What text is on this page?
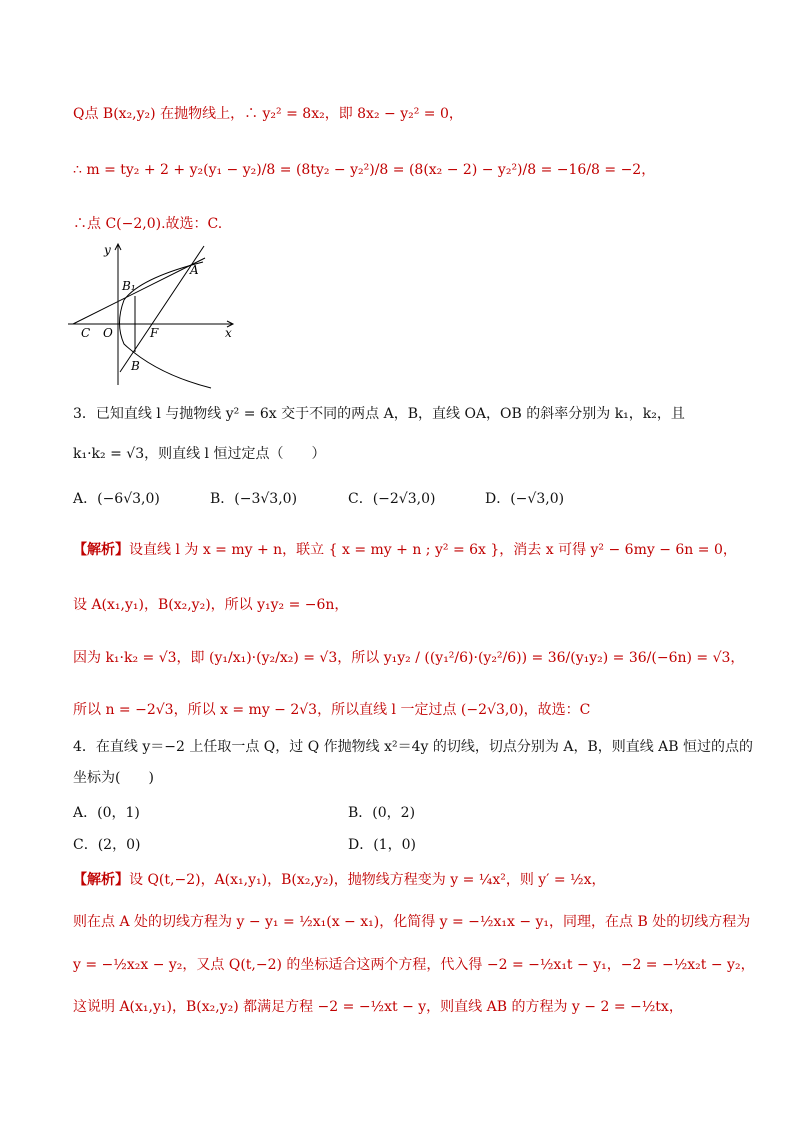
Q点 B(x₂,y₂) 在抛物线上，∴ y₂² = 8x₂，即 8x₂ − y₂² = 0，
∴ m = ty₂ + 2 + y₂(y₁ − y₂)/8 = (8ty₂ − y₂²)/8 = (8(x₂ − 2) − y₂²)/8 = −16/8 = −2，
∴点 C(−2,0).故选：C.
y
x
A
B₁
C O	F
B
3．已知直线 l 与抛物线 y² = 6x 交于不同的两点 A，B，直线 OA，OB 的斜率分别为 k₁，k₂，且
k₁·k₂ = √3，则直线 l 恒过定点（　　）
A．(−6√3,0)	B．(−3√3,0)	C．(−2√3,0)	D．(−√3,0)
【解析】设直线 l 为 x = my + n，联立 { x = my + n ; y² = 6x }，消去 x 可得 y² − 6my − 6n = 0，
设 A(x₁,y₁)，B(x₂,y₂)，所以 y₁y₂ = −6n，
因为 k₁·k₂ = √3，即 (y₁/x₁)·(y₂/x₂) = √3，所以 y₁y₂ / ((y₁²/6)·(y₂²/6)) = 36/(y₁y₂) = 36/(−6n) = √3，
所以 n = −2√3，所以 x = my − 2√3，所以直线 l 一定过点 (−2√3,0)，故选：C
4．在直线 y＝−2 上任取一点 Q，过 Q 作抛物线 x²＝4y 的切线，切点分别为 A，B，则直线 AB 恒过的点的
坐标为(　　)
A．(0，1)	B．(0，2)
C．(2，0)	D．(1，0)
【解析】设 Q(t,−2)，A(x₁,y₁)，B(x₂,y₂)，抛物线方程变为 y = ¼x²，则 y′ = ½x，
则在点 A 处的切线方程为 y − y₁ = ½x₁(x − x₁)，化简得 y = −½x₁x − y₁，同理，在点 B 处的切线方程为
y = −½x₂x − y₂，又点 Q(t,−2) 的坐标适合这两个方程，代入得 −2 = −½x₁t − y₁，−2 = −½x₂t − y₂，
这说明 A(x₁,y₁)，B(x₂,y₂) 都满足方程 −2 = −½xt − y，则直线 AB 的方程为 y − 2 = −½tx，
